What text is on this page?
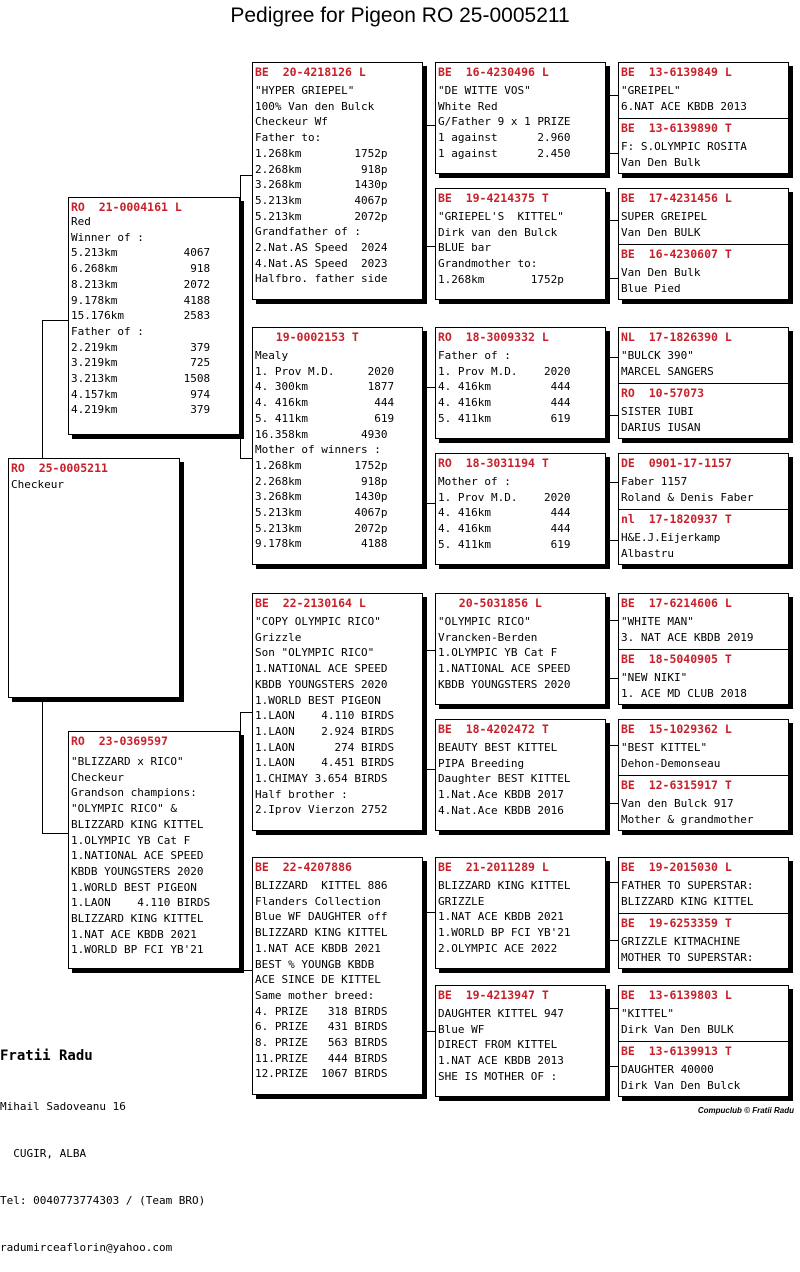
Pedigree for Pigeon RO 25-0005211
RO  25-0005211
Checkeur
RO  21-0004161 L
Red
Winner of :
5.213km          4067
6.268km           918
8.213km          2072
9.178km          4188
15.176km         2583
Father of :
2.219km           379
3.219km           725
3.213km          1508
4.157km           974
4.219km           379
RO  23-0369597
"BLIZZARD x RICO"
Checkeur
Grandson champions:
"OLYMPIC RICO" &
BLIZZARD KING KITTEL
1.OLYMPIC YB Cat F
1.NATIONAL ACE SPEED
KBDB YOUNGSTERS 2020
1.WORLD BEST PIGEON
1.LAON    4.110 BIRDS
BLIZZARD KING KITTEL
1.NAT ACE KBDB 2021
1.WORLD BP FCI YB'21
BE  20-4218126 L
"HYPER GRIEPEL"
100% Van den Bulck
Checkeur Wf
Father to:
1.268km        1752p
2.268km         918p
3.268km        1430p
5.213km        4067p
5.213km        2072p
Grandfather of :
2.Nat.AS Speed  2024
4.Nat.AS Speed  2023
Halfbro. father side
19-0002153 T
Mealy
1. Prov M.D.     2020
4. 300km         1877
4. 416km          444
5. 411km          619
16.358km        4930
Mother of winners :
1.268km        1752p
2.268km         918p
3.268km        1430p
5.213km        4067p
5.213km        2072p
9.178km         4188
BE  22-2130164 L
"COPY OLYMPIC RICO"
Grizzle
Son "OLYMPIC RICO"
1.NATIONAL ACE SPEED
KBDB YOUNGSTERS 2020
1.WORLD BEST PIGEON
1.LAON    4.110 BIRDS
1.LAON    2.924 BIRDS
1.LAON      274 BIRDS
1.LAON    4.451 BIRDS
1.CHIMAY 3.654 BIRDS
Half brother :
2.Iprov Vierzon 2752
BE  22-4207886
BLIZZARD  KITTEL 886
Flanders Collection
Blue WF DAUGHTER off
BLIZZARD KING KITTEL
1.NAT ACE KBDB 2021
BEST % YOUNGB KBDB
ACE SINCE DE KITTEL
Same mother breed:
4. PRIZE   318 BIRDS
6. PRIZE   431 BIRDS
8. PRIZE   563 BIRDS
11.PRIZE   444 BIRDS
12.PRIZE  1067 BIRDS
BE  16-4230496 L
"DE WITTE VOS"
White Red
G/Father 9 x 1 PRIZE
1 against      2.960
1 against      2.450
BE  19-4214375 T
"GRIEPEL'S  KITTEL"
Dirk van den Bulck
BLUE bar
Grandmother to:
1.268km       1752p
RO  18-3009332 L
Father of :
1. Prov M.D.    2020
4. 416km         444
4. 416km         444
5. 411km         619
RO  18-3031194 T
Mother of :
1. Prov M.D.    2020
4. 416km         444
4. 416km         444
5. 411km         619
20-5031856 L
"OLYMPIC RICO"
Vrancken-Berden
1.OLYMPIC YB Cat F
1.NATIONAL ACE SPEED
KBDB YOUNGSTERS 2020
BE  18-4202472 T
BEAUTY BEST KITTEL
PIPA Breeding
Daughter BEST KITTEL
1.Nat.Ace KBDB 2017
4.Nat.Ace KBDB 2016
BE  21-2011289 L
BLIZZARD KING KITTEL
GRIZZLE
1.NAT ACE KBDB 2021
1.WORLD BP FCI YB'21
2.OLYMPIC ACE 2022
BE  19-4213947 T
DAUGHTER KITTEL 947
Blue WF
DIRECT FROM KITTEL
1.NAT ACE KBDB 2013
SHE IS MOTHER OF :
BE  13-6139849 L
"GREIPEL"
6.NAT ACE KBDB 2013
BE  13-6139890 T
F: S.OLYMPIC ROSITA
Van Den Bulk
BE  17-4231456 L
SUPER GREIPEL
Van Den BULK
BE  16-4230607 T
Van Den Bulk
Blue Pied
NL  17-1826390 L
"BULCK 390"
MARCEL SANGERS
RO  10-57073
SISTER IUBI
DARIUS IUSAN
DE  0901-17-1157
Faber 1157
Roland & Denis Faber
nl  17-1820937 T
H&E.J.Eijerkamp
Albastru
BE  17-6214606 L
"WHITE MAN"
3. NAT ACE KBDB 2019
BE  18-5040905 T
"NEW NIKI"
1. ACE MD CLUB 2018
BE  15-1029362 L
"BEST KITTEL"
Dehon-Demonseau
BE  12-6315917 T
Van den Bulck 917
Mother & grandmother
BE  19-2015030 L
FATHER TO SUPERSTAR:
BLIZZARD KING KITTEL
BE  19-6253359 T
GRIZZLE KITMACHINE
MOTHER TO SUPERSTAR:
BE  13-6139803 L
"KITTEL"
Dirk Van Den BULK
BE  13-6139913 T
DAUGHTER 40000
Dirk Van Den Bulck

Fratii Radu

Mihail Sadoveanu 16

CUGIR, ALBA

Tel: 0040773774303 / (Team BRO)

radumirceaflorin@yahoo.com

Compuclub © Fratii Radu
